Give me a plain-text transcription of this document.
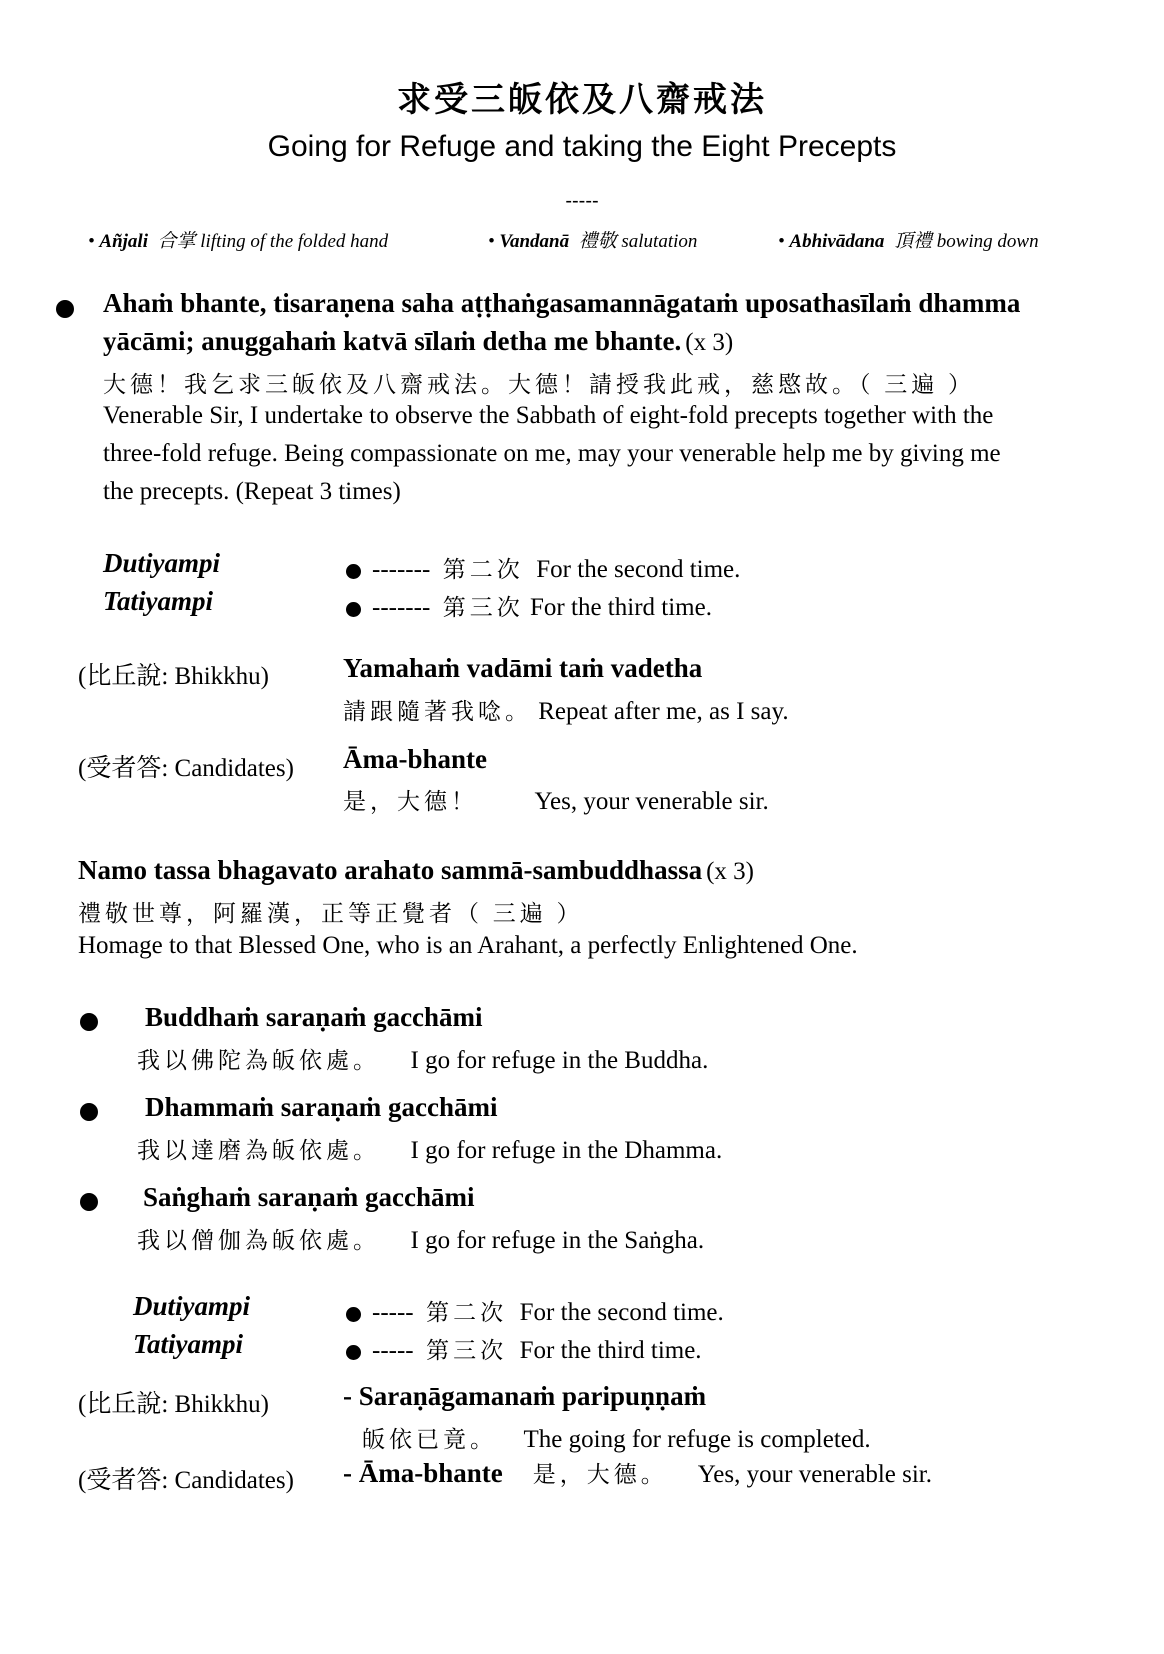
求受三皈依及八齋戒法
Going for Refuge and taking the Eight Precepts
-----
• Añjali 合掌 lifting of the folded hand	• Vandanā 禮敬 salutation	• Abhivādana 頂禮 bowing down
Ahaṁ bhante, tisaraṇena saha aṭṭhaṅgasamannāgataṁ uposathasīlaṁ dhamma
yācāmi; anuggahaṁ katvā sīlaṁ detha me bhante. (x 3)
大德！我乞求三皈依及八齋戒法。大德！請授我此戒，慈愍故。（ 三遍 ）
Venerable Sir, I undertake to observe the Sabbath of eight-fold precepts together with the
three-fold refuge. Being compassionate on me, may your venerable help me by giving me
the precepts. (Repeat 3 times)
Dutiyampi	------- 第二次 For the second time.
Tatiyampi	------- 第三次 For the third time.
(比丘說: Bhikkhu)	Yamahaṁ vadāmi taṁ vadetha
請跟隨著我唸。 Repeat after me, as I say.
(受者答: Candidates) Āma-bhante
是，大德！ Yes, your venerable sir.
Namo tassa bhagavato arahato sammā-sambuddhassa (x 3)
禮敬世尊，阿羅漢，正等正覺者（ 三遍 ）
Homage to that Blessed One, who is an Arahant, a perfectly Enlightened One.
Buddhaṁ saraṇaṁ gacchāmi
我以佛陀為皈依處。 I go for refuge in the Buddha.
Dhammaṁ saraṇaṁ gacchāmi
我以達磨為皈依處。 I go for refuge in the Dhamma.
Saṅghaṁ saraṇaṁ gacchāmi
我以僧伽為皈依處。 I go for refuge in the Saṅgha.
Dutiyampi	----- 第二次 For the second time.
Tatiyampi	----- 第三次 For the third time.
(比丘說: Bhikkhu)	- Saraṇāgamanaṁ paripuṇṇaṁ
皈依已竟。 The going for refuge is completed.
(受者答: Candidates) - Āma-bhante 是，大德。 Yes, your venerable sir.
